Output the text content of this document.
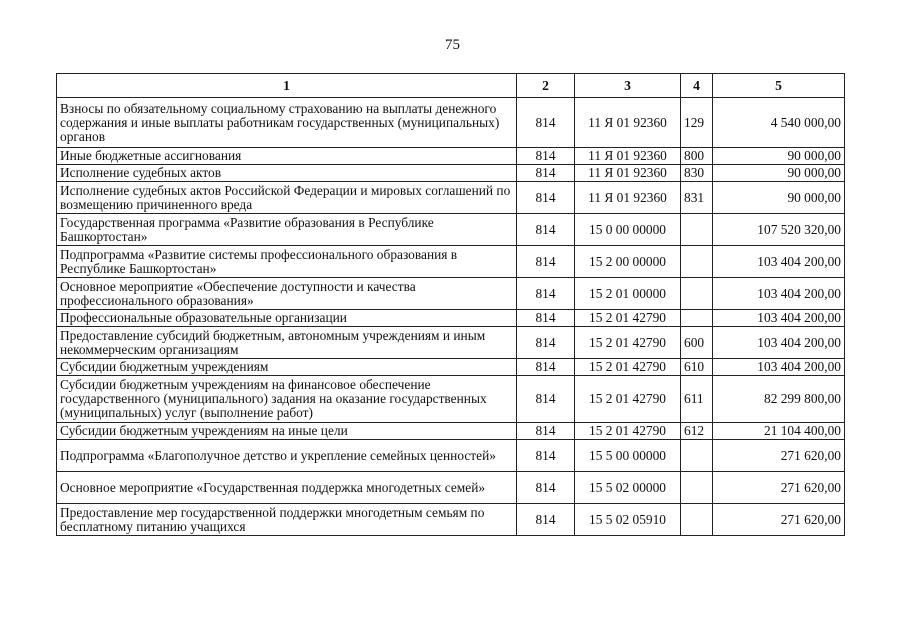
75
1	2	3	4	5
Взносы по обязательному социальному страхованию на выплаты денежного содержания и иные выплаты работникам государственных (муниципальных) органов	814	11 Я 01 92360	129	4 540 000,00
Иные бюджетные ассигнования	814	11 Я 01 92360	800	90 000,00
Исполнение судебных актов	814	11 Я 01 92360	830	90 000,00
Исполнение судебных актов Российской Федерации и мировых соглашений по возмещению причиненного вреда	814	11 Я 01 92360	831	90 000,00
Государственная программа «Развитие образования в Республике Башкортостан»	814	15 0 00 00000		107 520 320,00
Подпрограмма «Развитие системы профессионального образования в Республике Башкортостан»	814	15 2 00 00000		103 404 200,00
Основное мероприятие «Обеспечение доступности и качества профессионального образования»	814	15 2 01 00000		103 404 200,00
Профессиональные образовательные организации	814	15 2 01 42790		103 404 200,00
Предоставление субсидий бюджетным, автономным учреждениям и иным некоммерческим организациям	814	15 2 01 42790	600	103 404 200,00
Субсидии бюджетным учреждениям	814	15 2 01 42790	610	103 404 200,00
Субсидии бюджетным учреждениям на финансовое обеспечение государственного (муниципального) задания на оказание государственных (муниципальных) услуг (выполнение работ)	814	15 2 01 42790	611	82 299 800,00
Субсидии бюджетным учреждениям на иные цели	814	15 2 01 42790	612	21 104 400,00
Подпрограмма «Благополучное детство и укрепление семейных ценностей»	814	15 5 00 00000		271 620,00
Основное мероприятие «Государственная поддержка многодетных семей»	814	15 5 02 00000		271 620,00
Предоставление мер государственной поддержки многодетным семьям по бесплатному питанию учащихся	814	15 5 02 05910		271 620,00
